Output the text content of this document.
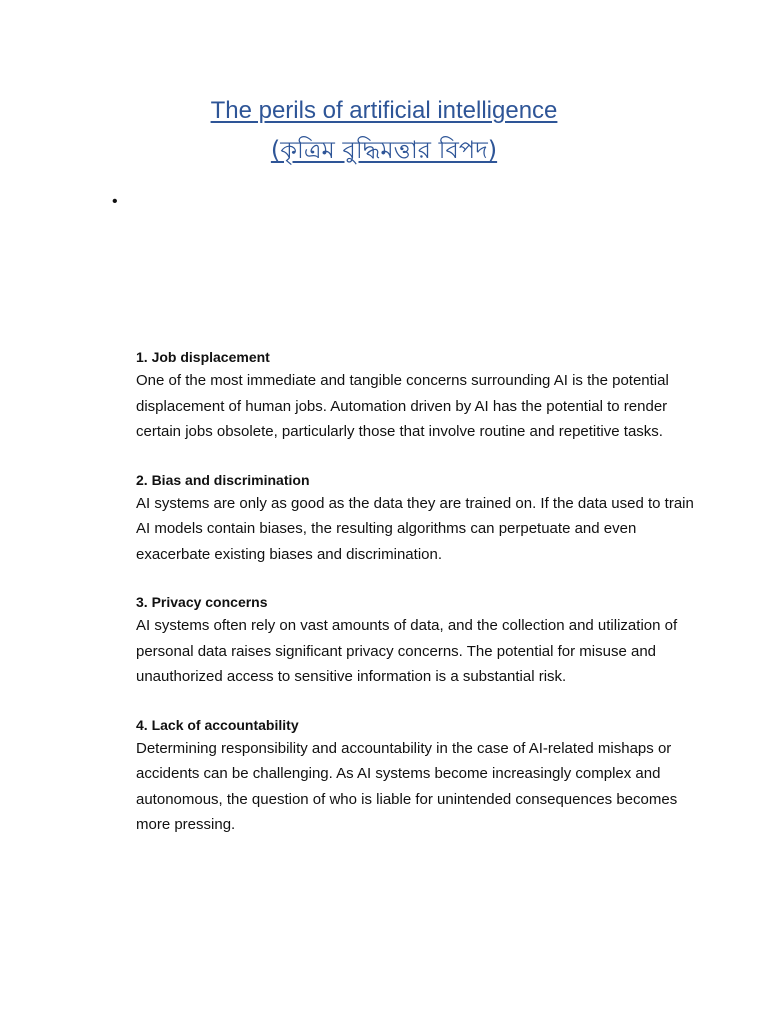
The perils of artificial intelligence
(কৃত্রিম বুদ্ধিমত্তার বিপদ)
•
1. Job displacement
One of the most immediate and tangible concerns surrounding AI is the potential displacement of human jobs. Automation driven by AI has the potential to render certain jobs obsolete, particularly those that involve routine and repetitive tasks.
2. Bias and discrimination
AI systems are only as good as the data they are trained on. If the data used to train AI models contain biases, the resulting algorithms can perpetuate and even exacerbate existing biases and discrimination.
3. Privacy concerns
AI systems often rely on vast amounts of data, and the collection and utilization of personal data raises significant privacy concerns. The potential for misuse and unauthorized access to sensitive information is a substantial risk.
4. Lack of accountability
Determining responsibility and accountability in the case of AI-related mishaps or accidents can be challenging. As AI systems become increasingly complex and autonomous, the question of who is liable for unintended consequences becomes more pressing.
